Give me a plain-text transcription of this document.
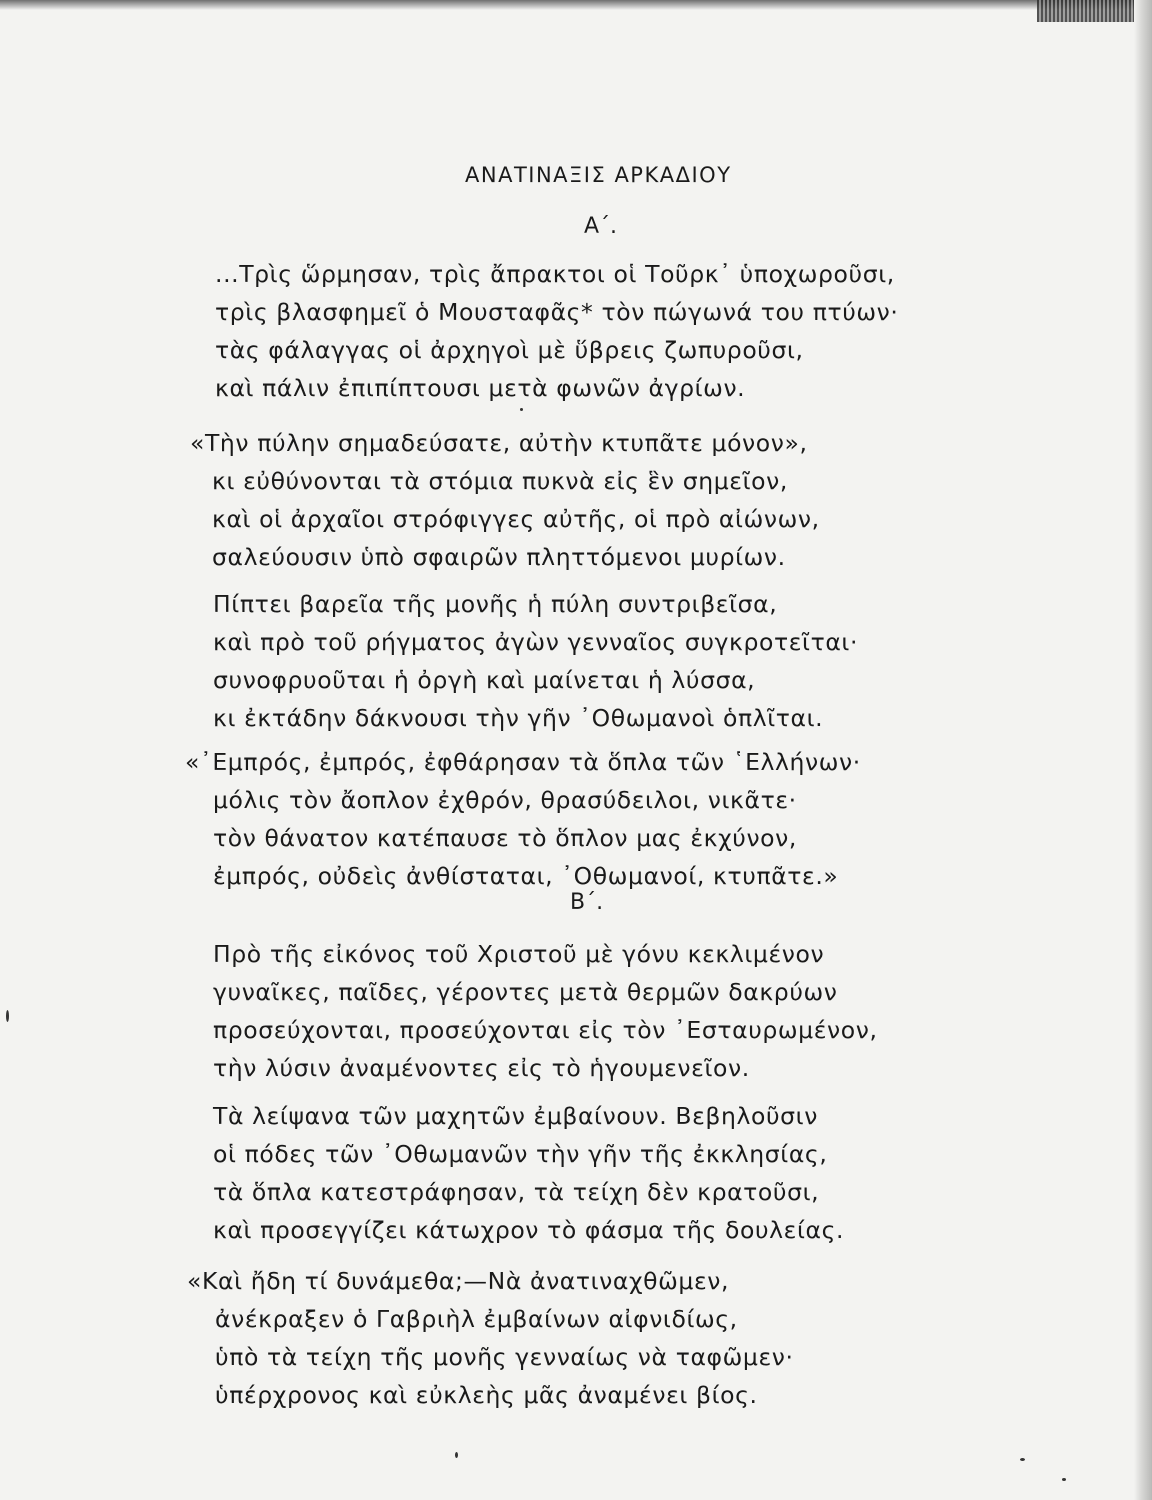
ΑΝΑΤΙΝΑΞΙΣ ΑΡΚΑΔΙΟΥ
Α΄.
...Τρὶς ὥρμησαν, τρὶς ἄπρακτοι οἱ Τοῦρκ᾽ ὑποχωροῦσι,
τρὶς βλασφημεῖ ὁ Μουσταφᾶς* τὸν πώγωνά του πτύων·
τὰς φάλαγγας οἱ ἀρχηγοὶ μὲ ὕβρεις ζωπυροῦσι,
καὶ πάλιν ἐπιπίπτουσι μετὰ φωνῶν ἀγρίων.
«Τὴν πύλην σημαδεύσατε, αὐτὴν κτυπᾶτε μόνον»,
κι εὐθύνονται τὰ στόμια πυκνὰ εἰς ἓν σημεῖον,
καὶ οἱ ἀρχαῖοι στρόφιγγες αὐτῆς, οἱ πρὸ αἰώνων,
σαλεύουσιν ὑπὸ σφαιρῶν πληττόμενοι μυρίων.
Πίπτει βαρεῖα τῆς μονῆς ἡ πύλη συντριβεῖσα,
καὶ πρὸ τοῦ ρήγματος ἀγὼν γενναῖος συγκροτεῖται·
συνοφρυοῦται ἡ ὀργὴ καὶ μαίνεται ἡ λύσσα,
κι ἐκτάδην δάκνουσι τὴν γῆν ᾽Οθωμανοὶ ὁπλῖται.
«᾽Εμπρός, ἐμπρός, ἐφθάρησαν τὰ ὅπλα τῶν ῾Ελλήνων·
μόλις τὸν ἄοπλον ἐχθρόν, θρασύδειλοι, νικᾶτε·
τὸν θάνατον κατέπαυσε τὸ ὅπλον μας ἐκχύνον,
ἐμπρός, οὐδεὶς ἀνθίσταται, ᾽Οθωμανοί, κτυπᾶτε.»
Β΄.
Πρὸ τῆς εἰκόνος τοῦ Χριστοῦ μὲ γόνυ κεκλιμένον
γυναῖκες, παῖδες, γέροντες μετὰ θερμῶν δακρύων
προσεύχονται, προσεύχονται εἰς τὸν ᾽Εσταυρωμένον,
τὴν λύσιν ἀναμένοντες εἰς τὸ ἡγουμενεῖον.
Τὰ λείψανα τῶν μαχητῶν ἐμβαίνουν. Βεβηλοῦσιν
οἱ πόδες τῶν ᾽Οθωμανῶν τὴν γῆν τῆς ἐκκλησίας,
τὰ ὅπλα κατεστράφησαν, τὰ τείχη δὲν κρατοῦσι,
καὶ προσεγγίζει κάτωχρον τὸ φάσμα τῆς δουλείας.
«Καὶ ἤδη τί δυνάμεθα;—Νὰ ἀνατιναχθῶμεν,
ἀνέκραξεν ὁ Γαβριὴλ ἐμβαίνων αἰφνιδίως,
ὑπὸ τὰ τείχη τῆς μονῆς γενναίως νὰ ταφῶμεν·
ὑπέρχρονος καὶ εὐκλεὴς μᾶς ἀναμένει βίος.
